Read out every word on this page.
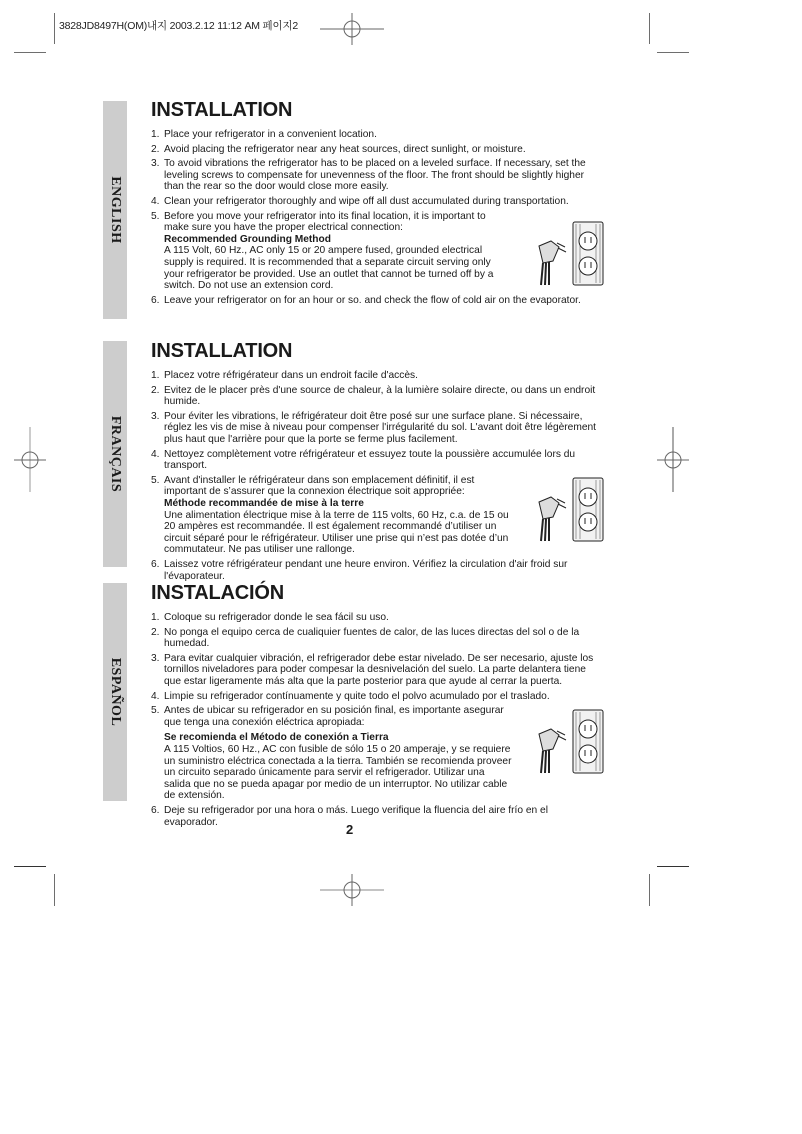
3828JD8497H(OM)내지 2003.2.12 11:12 AM 페이지2
ENGLISH
FRANÇAIS
ESPAÑOL
INSTALLATION
1. Place your refrigerator in a convenient location.
2. Avoid placing the refrigerator near any heat sources, direct sunlight, or moisture.
3. To avoid vibrations the refrigerator has to be placed on a leveled surface. If necessary, set the leveling screws to compensate for unevenness of the floor. The front should be slightly higher than the rear so the door would close more easily.
4. Clean your refrigerator thoroughly and wipe off all dust accumulated during transportation.
5. Before you move your refrigerator into its final location, it is important to make sure you have the proper electrical connection:
Recommended Grounding Method
A 115 Volt, 60 Hz., AC only 15 or 20 ampere fused, grounded electrical supply is required. It is recommended that a separate circuit serving only your refrigerator be provided. Use an outlet that cannot be turned off by a switch. Do not use an extension cord.
6. Leave your refrigerator on for an hour or so. and check the flow of cold air on the evaporator.
INSTALLATION
1. Placez votre réfrigérateur dans un endroit facile d'accès.
2. Evitez de le placer près d'une source de chaleur, à la lumière solaire directe, ou dans un endroit humide.
3. Pour éviter les vibrations, le réfrigérateur doit être posé sur une surface plane. Si nécessaire, réglez les vis de mise à niveau pour compenser l'irrégularité du sol. L'avant doit être légèrement plus haut que l'arrière pour que la porte se ferme plus facilement.
4. Nettoyez complètement votre réfrigérateur et essuyez toute la poussière accumulée lors du transport.
5. Avant d'installer le réfrigérateur dans son emplacement définitif, il est important de s’assurer que la connexion électrique soit appropriée:
Méthode recommandée de mise à la terre
Une alimentation électrique mise à la terre de 115 volts, 60 Hz, c.a. de 15 ou 20 ampères est recommandée. Il est également recommandé d’utiliser un circuit séparé pour le réfrigérateur. Utiliser une prise qui n’est pas dotée d’un commutateur. Ne pas utiliser une rallonge.
6. Laissez votre réfrigérateur pendant une heure environ. Vérifiez la circulation d'air froid sur l'évaporateur.
INSTALACIÓN
1. Coloque su refrigerador donde le sea fácil su uso.
2. No ponga el equipo cerca de cualiquier fuentes de calor, de las luces directas del sol o de la humedad.
3. Para evitar cualquier vibración, el refrigerador debe estar nivelado. De ser necesario, ajuste los tornillos niveladores para poder compesar la desnivelación del suelo. La parte delantera tiene que estar ligeramente más alta que la parte posterior para que ayude al cerrar la puerta.
4. Limpie su refrigerador contínuamente y quite todo el polvo acumulado por el traslado.
5. Antes de ubicar su refrigerador en su posición final, es importante asegurar que tenga una conexión eléctrica apropiada:
Se recomienda el Método de conexión a Tierra
A 115 Voltios, 60 Hz., AC con fusible de sólo 15 o 20 amperaje, y se requiere un suministro eléctrica conectada a la tierra. También se recomienda proveer un circuito separado únicamente para servir el refrigerador. Utilizar una salida que no se pueda apagar por medio de un interruptor. No utilizar cable de extensión.
6. Deje su refrigerador por una hora o más. Luego verifique la fluencia del aire frío en el evaporador.	2
